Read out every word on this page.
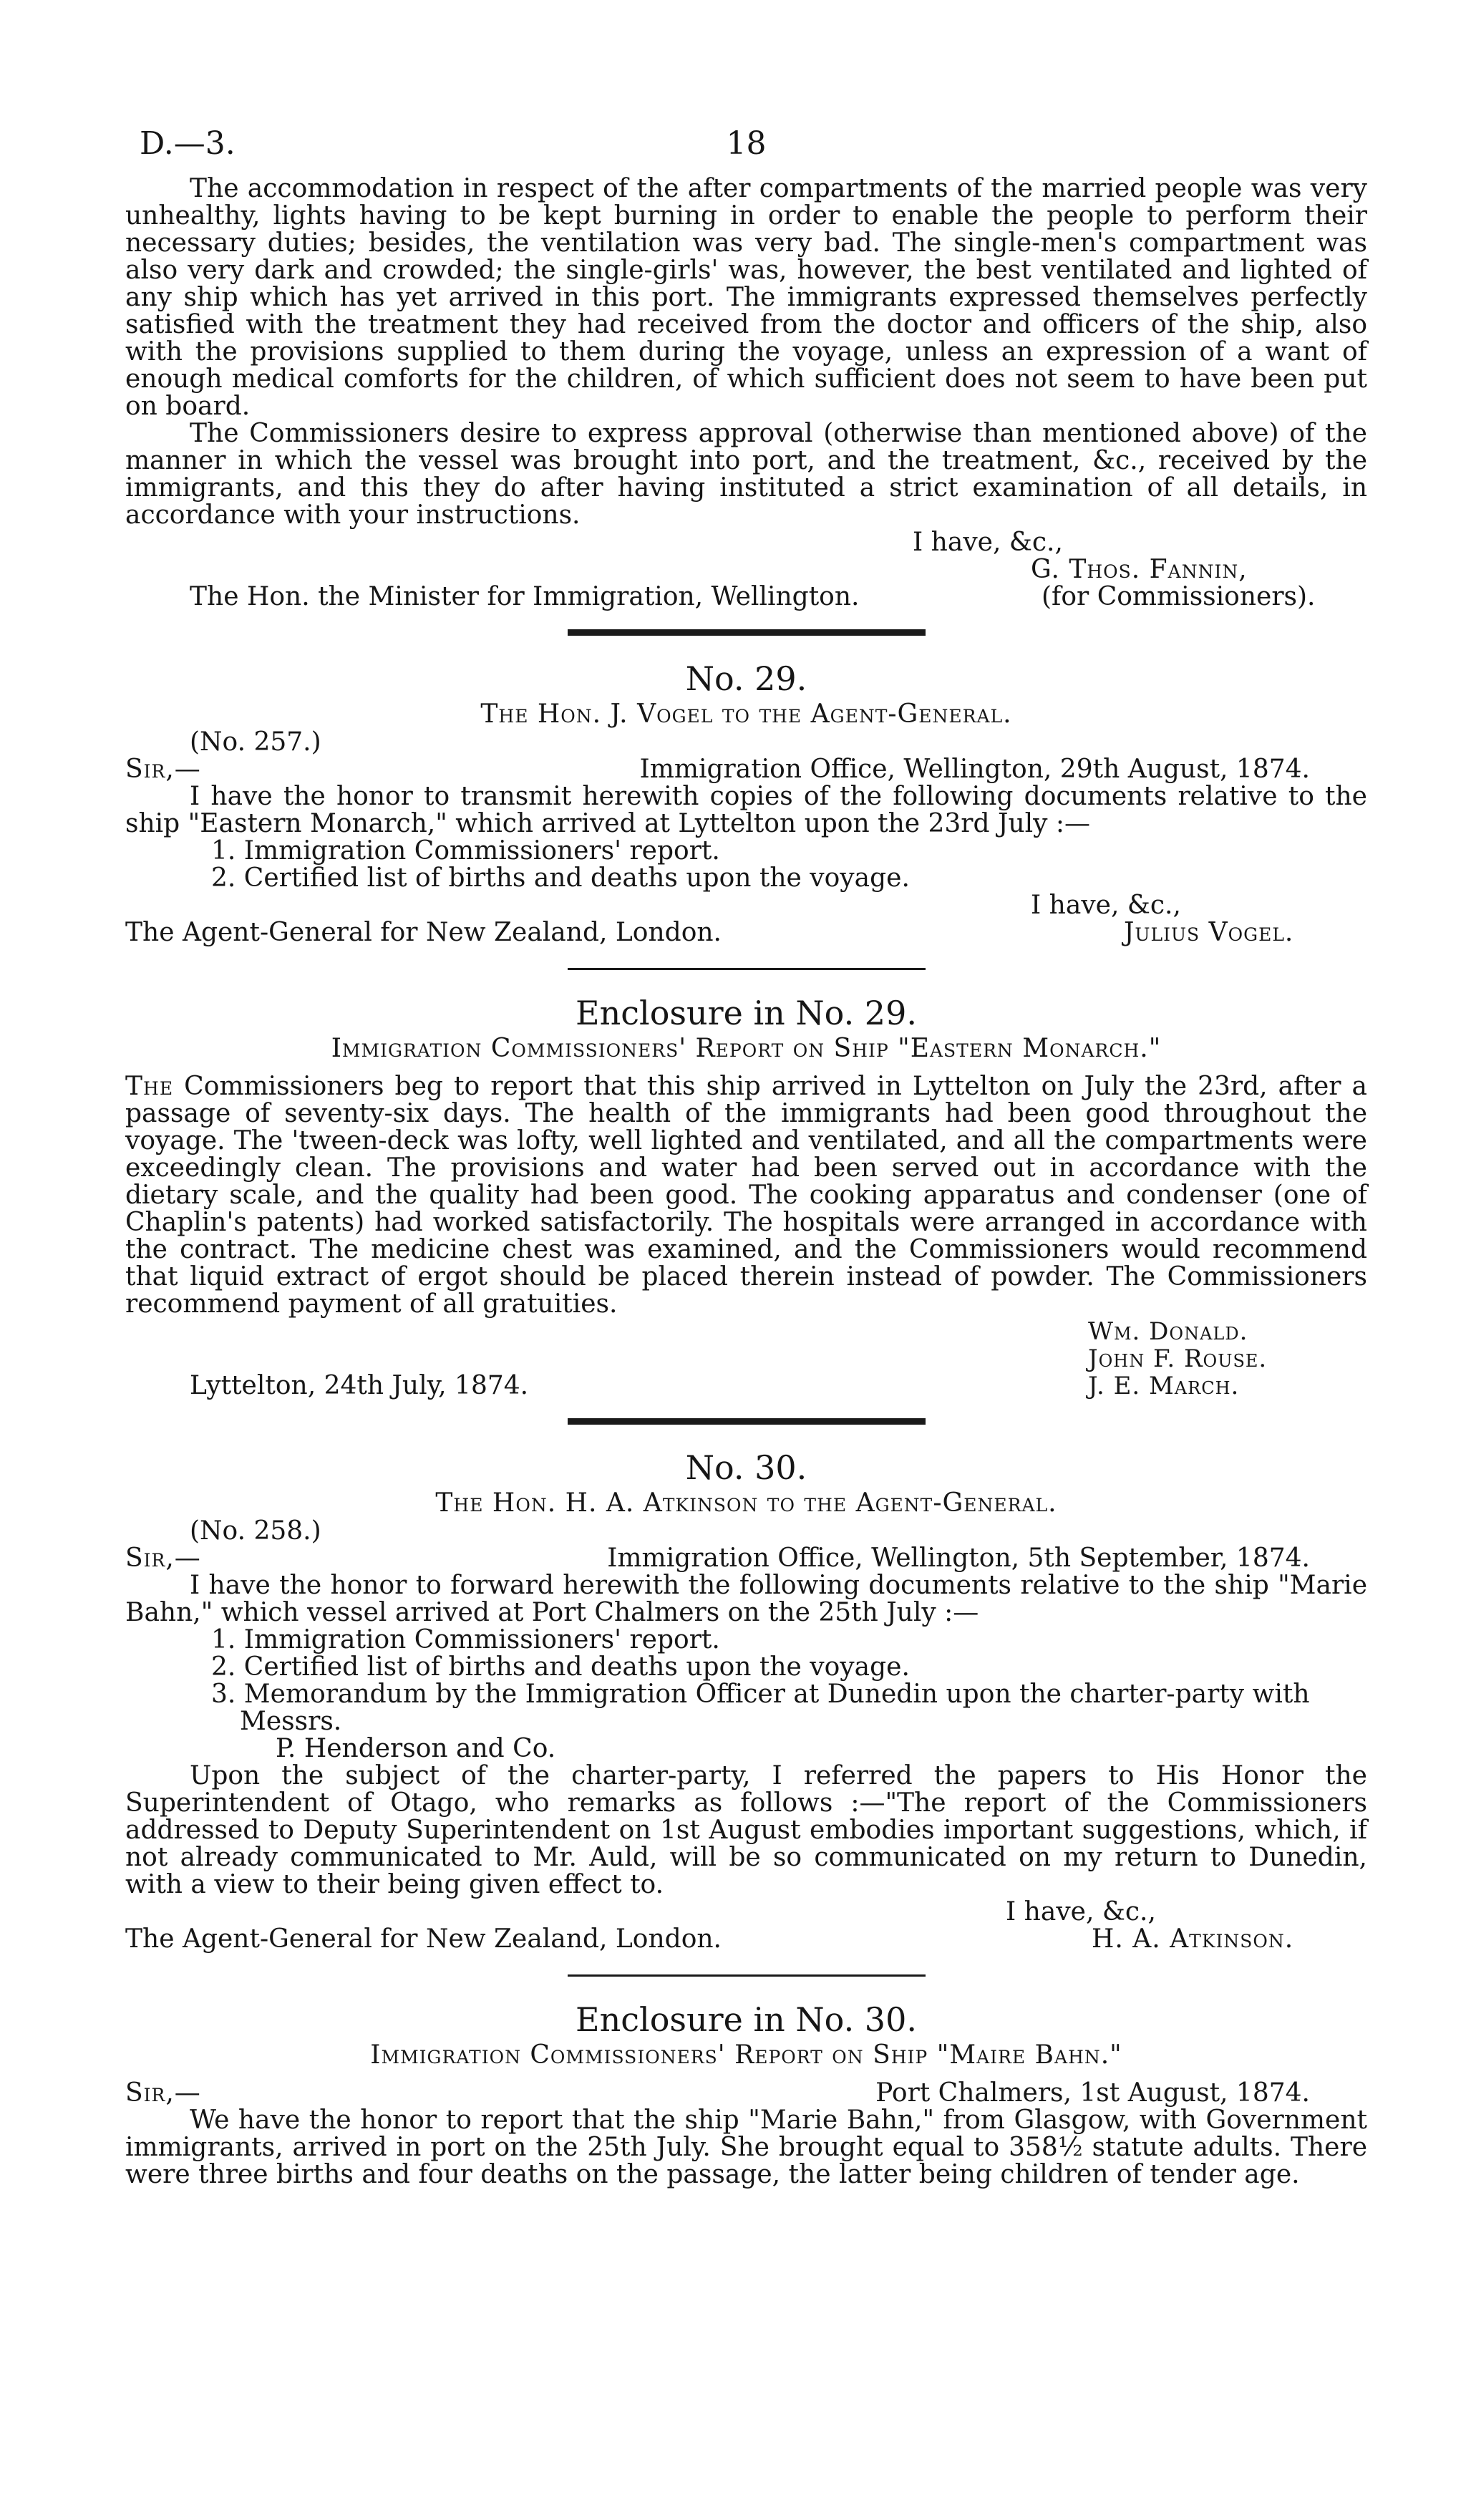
D.—3.	18

The accommodation in respect of the after compartments of the married people was very unhealthy, lights having to be kept burning in order to enable the people to perform their necessary duties; besides, the ventilation was very bad. The single-men's compartment was also very dark and crowded; the single-girls' was, however, the best ventilated and lighted of any ship which has yet arrived in this port. The immigrants expressed themselves perfectly satisfied with the treatment they had received from the doctor and officers of the ship, also with the provisions supplied to them during the voyage, unless an expression of a want of enough medical comforts for the children, of which sufficient does not seem to have been put on board.

The Commissioners desire to express approval (otherwise than mentioned above) of the manner in which the vessel was brought into port, and the treatment, &c., received by the immigrants, and this they do after having instituted a strict examination of all details, in accordance with your instructions.

I have, &c.,
G. Thos. Fannin,
The Hon. the Minister for Immigration, Wellington.	(for Commissioners).
No. 29.
The Hon. J. Vogel to the Agent-General.
(No. 257.)
Sir,—	Immigration Office, Wellington, 29th August, 1874.

I have the honor to transmit herewith copies of the following documents relative to the ship "Eastern Monarch," which arrived at Lyttelton upon the 23rd July :—

1. Immigration Commissioners' report.
2. Certified list of births and deaths upon the voyage.
I have, &c.,
The Agent-General for New Zealand, London.	Julius Vogel.
Enclosure in No. 29.
Immigration Commissioners' Report on Ship "Eastern Monarch."

The Commissioners beg to report that this ship arrived in Lyttelton on July the 23rd, after a passage of seventy-six days. The health of the immigrants had been good throughout the voyage. The 'tween-deck was lofty, well lighted and ventilated, and all the compartments were exceedingly clean. The provisions and water had been served out in accordance with the dietary scale, and the quality had been good. The cooking apparatus and condenser (one of Chaplin's patents) had worked satisfactorily. The hospitals were arranged in accordance with the contract. The medicine chest was examined, and the Commissioners would recommend that liquid extract of ergot should be placed therein instead of powder. The Commissioners recommend payment of all gratuities.

Wm. Donald.
John F. Rouse.
Lyttelton, 24th July, 1874.	J. E. March.
No. 30.
The Hon. H. A. Atkinson to the Agent-General.
(No. 258.)
Sir,—	Immigration Office, Wellington, 5th September, 1874.

I have the honor to forward herewith the following documents relative to the ship "Marie Bahn," which vessel arrived at Port Chalmers on the 25th July :—

1. Immigration Commissioners' report.
2. Certified list of births and deaths upon the voyage.
3. Memorandum by the Immigration Officer at Dunedin upon the charter-party with Messrs.
P. Henderson and Co.

Upon the subject of the charter-party, I referred the papers to His Honor the Superintendent of Otago, who remarks as follows :—"The report of the Commissioners addressed to Deputy Superintendent on 1st August embodies important suggestions, which, if not already communicated to Mr. Auld, will be so communicated on my return to Dunedin, with a view to their being given effect to.

I have, &c.,
The Agent-General for New Zealand, London.	H. A. Atkinson.
Enclosure in No. 30.
Immigration Commissioners' Report on Ship "Maire Bahn."
Sir,—	Port Chalmers, 1st August, 1874.

We have the honor to report that the ship "Marie Bahn," from Glasgow, with Government immigrants, arrived in port on the 25th July. She brought equal to 358½ statute adults. There were three births and four deaths on the passage, the latter being children of tender age.
